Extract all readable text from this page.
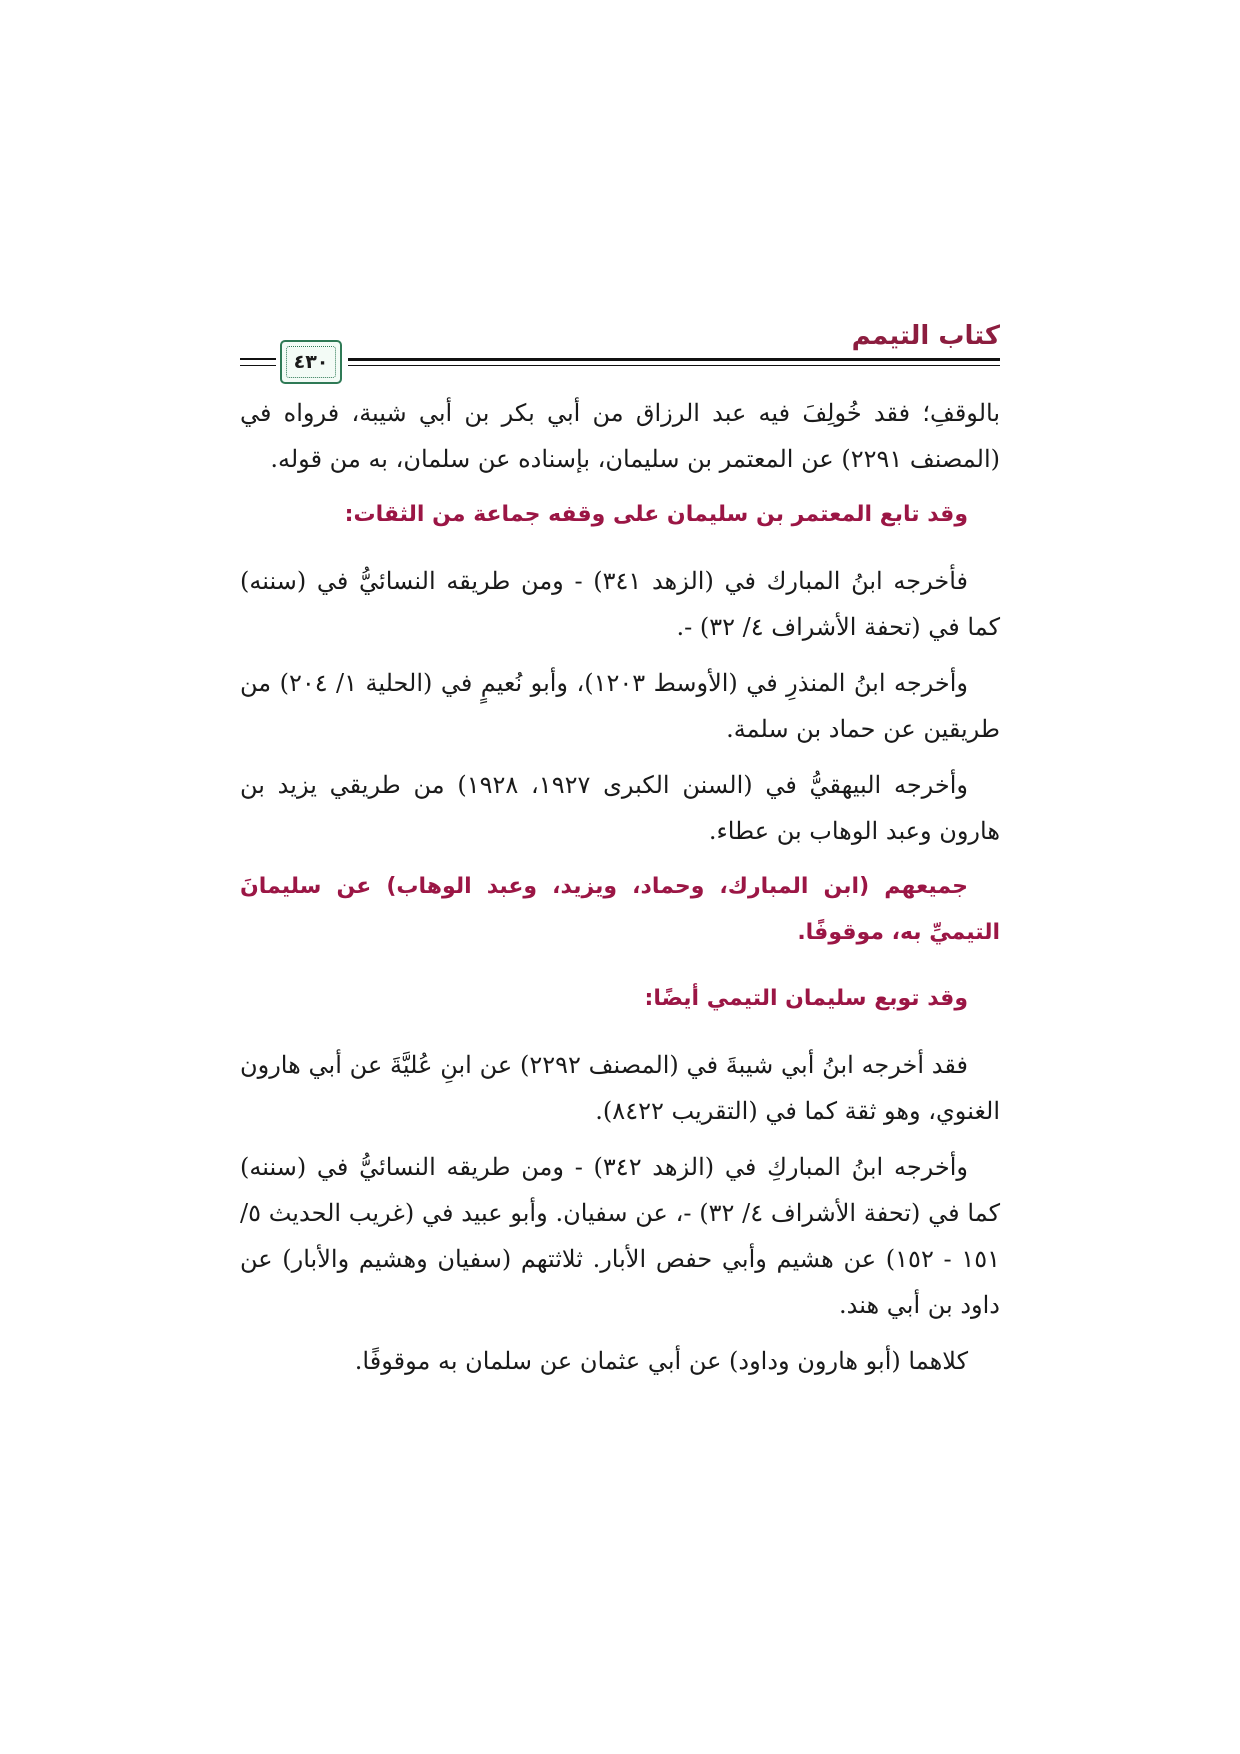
كتاب التيمم
٤٣٠

بالوقفِ؛ فقد خُولِفَ فيه عبد الرزاق من أبي بكر بن أبي شيبة، فرواه في (المصنف ٢٢٩١) عن المعتمر بن سليمان، بإسناده عن سلمان، به من قوله.

وقد تابع المعتمر بن سليمان على وقفه جماعة من الثقات:

فأخرجه ابنُ المبارك في (الزهد ٣٤١) - ومن طريقه النسائيُّ في (سننه) كما في (تحفة الأشراف ٤/ ٣٢) -.

وأخرجه ابنُ المنذرِ في (الأوسط ١٢٠٣)، وأبو نُعيمٍ في (الحلية ١/ ٢٠٤) من طريقين عن حماد بن سلمة.

وأخرجه البيهقيُّ في (السنن الكبرى ١٩٢٧، ١٩٢٨) من طريقي يزيد بن هارون وعبد الوهاب بن عطاء.

جميعهم (ابن المبارك، وحماد، ويزيد، وعبد الوهاب) عن سليمانَ التيميِّ به، موقوفًا.

وقد توبع سليمان التيمي أيضًا:

فقد أخرجه ابنُ أبي شيبةَ في (المصنف ٢٢٩٢) عن ابنِ عُليَّةَ عن أبي هارون الغنوي، وهو ثقة كما في (التقريب ٨٤٢٢).

وأخرجه ابنُ المباركِ في (الزهد ٣٤٢) - ومن طريقه النسائيُّ في (سننه) كما في (تحفة الأشراف ٤/ ٣٢) -، عن سفيان. وأبو عبيد في (غريب الحديث ٥/ ١٥١ - ١٥٢) عن هشيم وأبي حفص الأبار. ثلاثتهم (سفيان وهشيم والأبار) عن داود بن أبي هند.

كلاهما (أبو هارون وداود) عن أبي عثمان عن سلمان به موقوفًا.
